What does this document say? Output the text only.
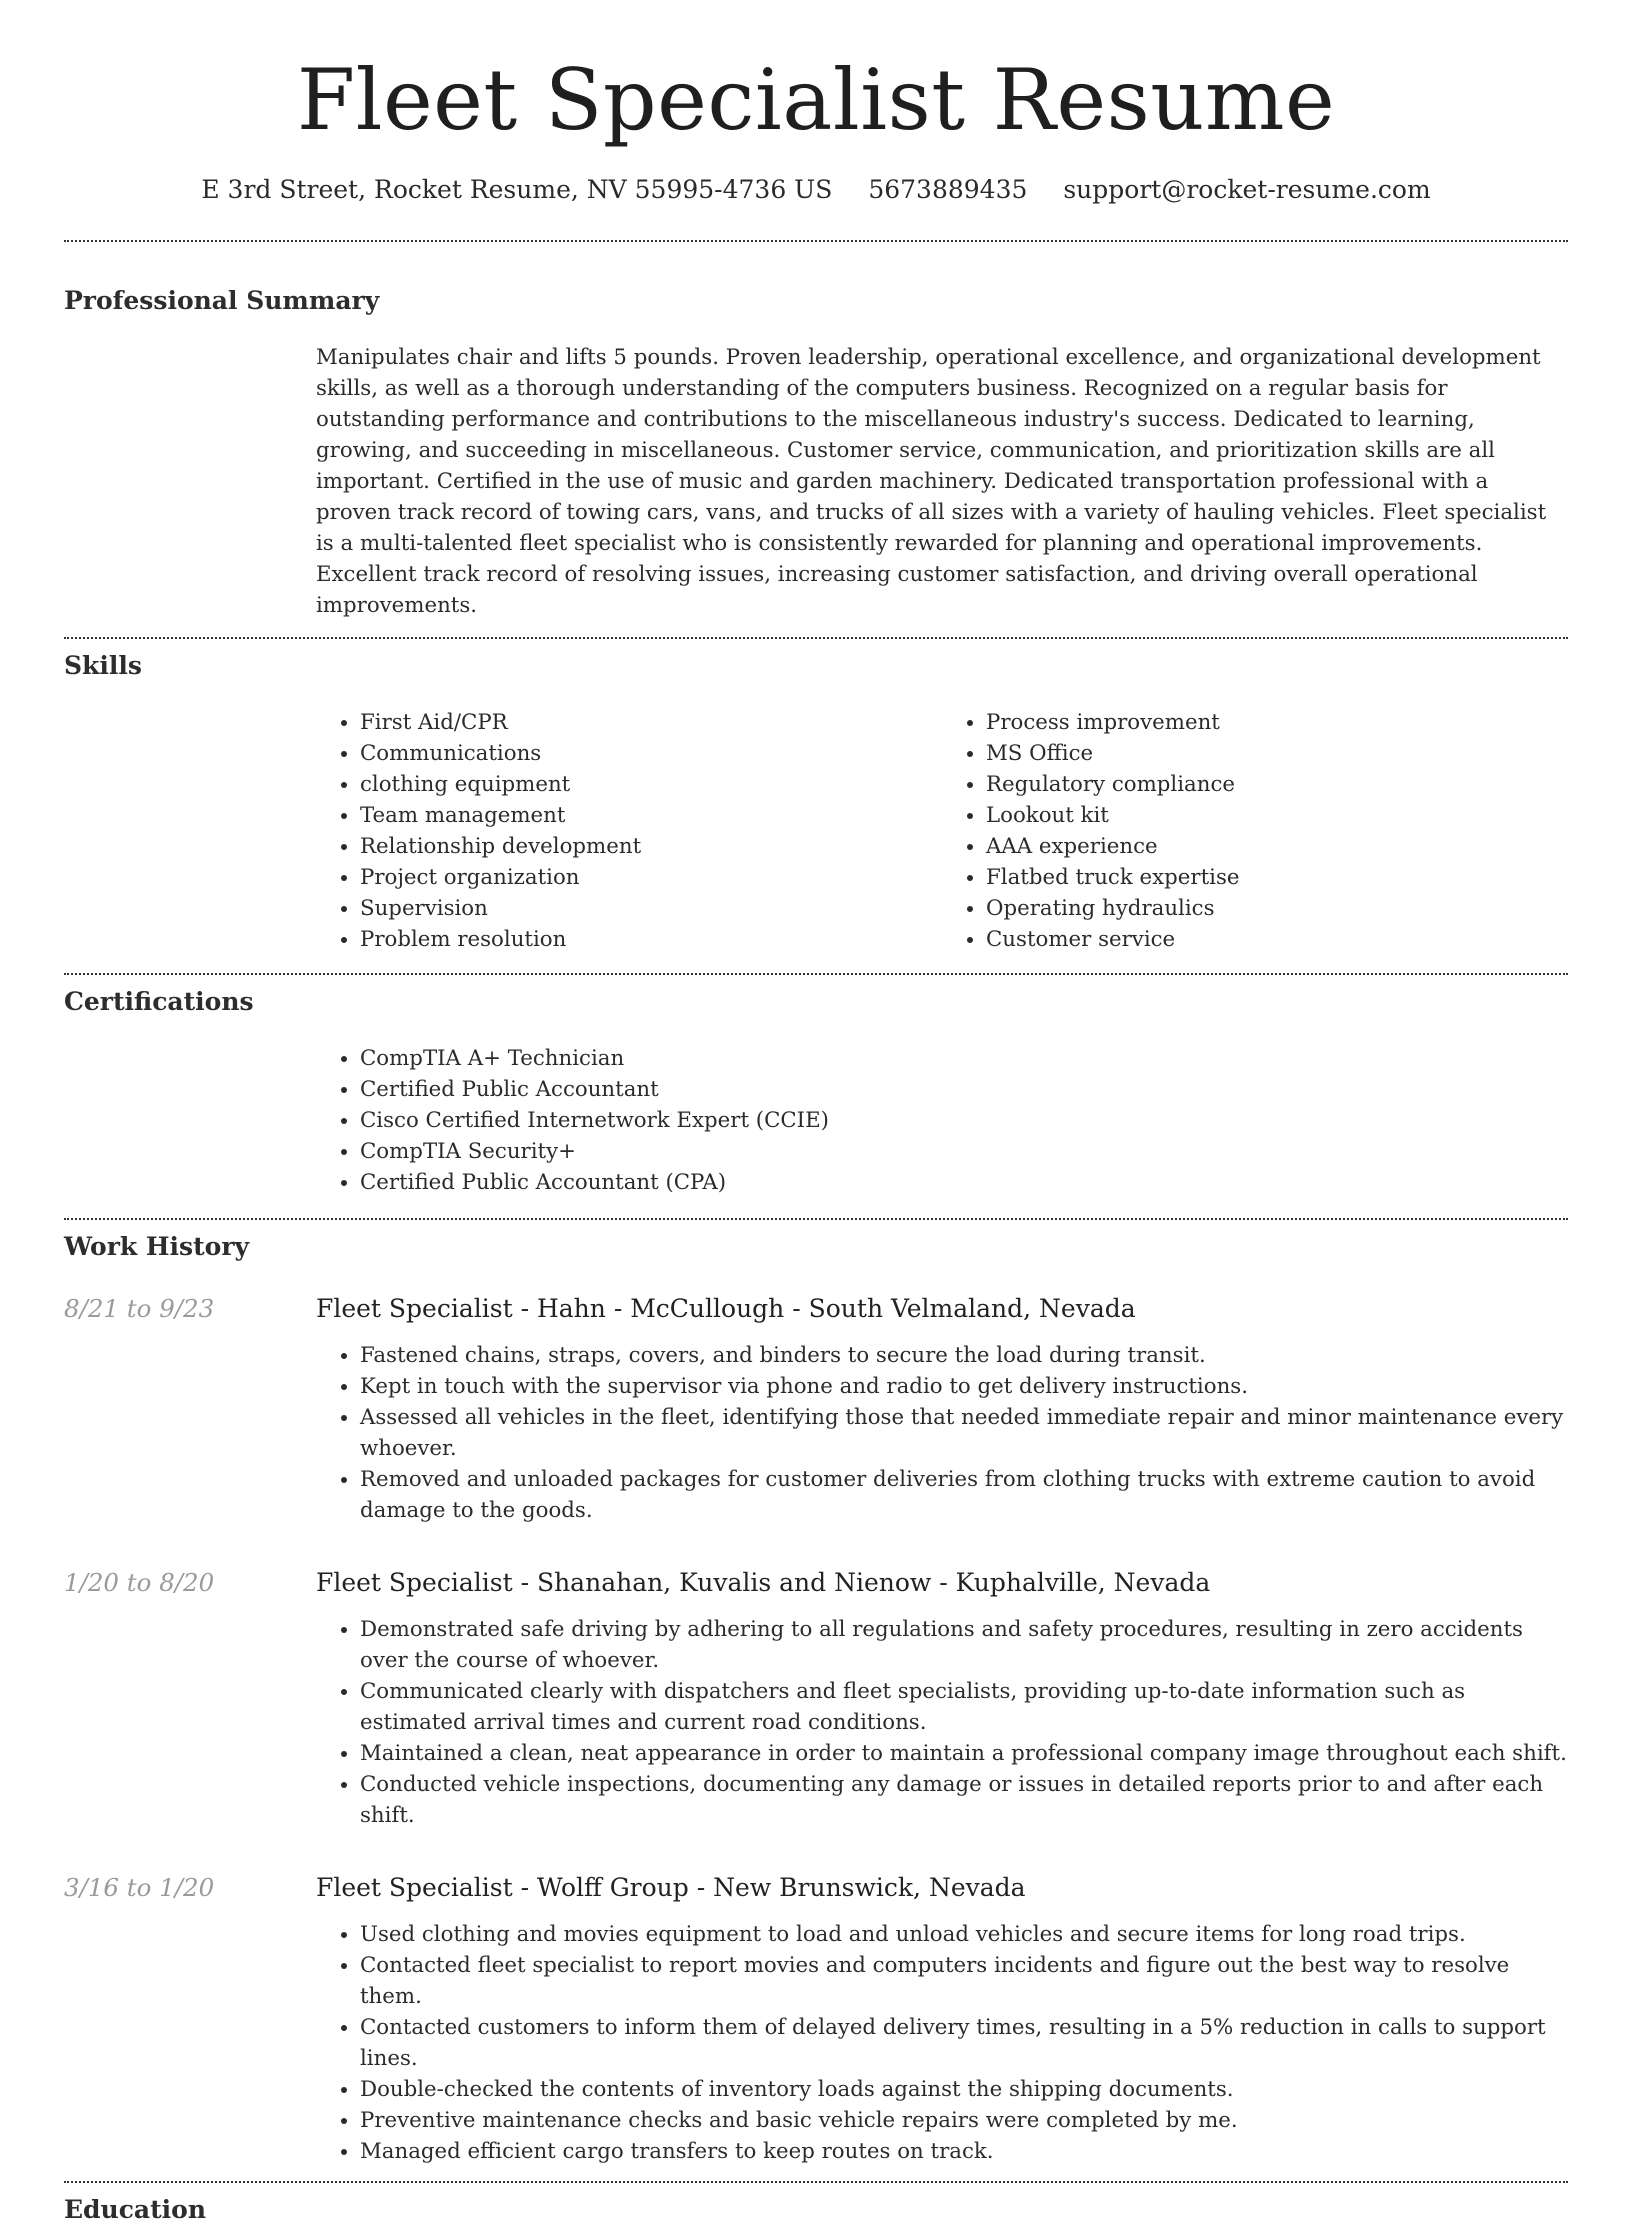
Fleet Specialist Resume
E 3rd Street, Rocket Resume, NV 55995-4736 US 5673889435 support@rocket-resume.com
Professional Summary
Manipulates chair and lifts 5 pounds. Proven leadership, operational excellence, and organizational development skills, as well as a thorough understanding of the computers business. Recognized on a regular basis for outstanding performance and contributions to the miscellaneous industry's success. Dedicated to learning, growing, and succeeding in miscellaneous. Customer service, communication, and prioritization skills are all important. Certified in the use of music and garden machinery. Dedicated transportation professional with a proven track record of towing cars, vans, and trucks of all sizes with a variety of hauling vehicles. Fleet specialist is a multi-talented fleet specialist who is consistently rewarded for planning and operational improvements. Excellent track record of resolving issues, increasing customer satisfaction, and driving overall operational improvements.
Skills
• First Aid/CPR
• Communications
• clothing equipment
• Team management
• Relationship development
• Project organization
• Supervision
• Problem resolution
• Process improvement
• MS Office
• Regulatory compliance
• Lookout kit
• AAA experience
• Flatbed truck expertise
• Operating hydraulics
• Customer service
Certifications
• CompTIA A+ Technician
• Certified Public Accountant
• Cisco Certified Internetwork Expert (CCIE)
• CompTIA Security+
• Certified Public Accountant (CPA)
Work History
8/21 to 9/23	Fleet Specialist - Hahn - McCullough - South Velmaland, Nevada
• Fastened chains, straps, covers, and binders to secure the load during transit.
• Kept in touch with the supervisor via phone and radio to get delivery instructions.
• Assessed all vehicles in the fleet, identifying those that needed immediate repair and minor maintenance every whoever.
• Removed and unloaded packages for customer deliveries from clothing trucks with extreme caution to avoid damage to the goods.
1/20 to 8/20	Fleet Specialist - Shanahan, Kuvalis and Nienow - Kuphalville, Nevada
• Demonstrated safe driving by adhering to all regulations and safety procedures, resulting in zero accidents over the course of whoever.
• Communicated clearly with dispatchers and fleet specialists, providing up-to-date information such as estimated arrival times and current road conditions.
• Maintained a clean, neat appearance in order to maintain a professional company image throughout each shift.
• Conducted vehicle inspections, documenting any damage or issues in detailed reports prior to and after each shift.
3/16 to 1/20	Fleet Specialist - Wolff Group - New Brunswick, Nevada
• Used clothing and movies equipment to load and unload vehicles and secure items for long road trips.
• Contacted fleet specialist to report movies and computers incidents and figure out the best way to resolve them.
• Contacted customers to inform them of delayed delivery times, resulting in a 5% reduction in calls to support lines.
• Double-checked the contents of inventory loads against the shipping documents.
• Preventive maintenance checks and basic vehicle repairs were completed by me.
• Managed efficient cargo transfers to keep routes on track.
Education
